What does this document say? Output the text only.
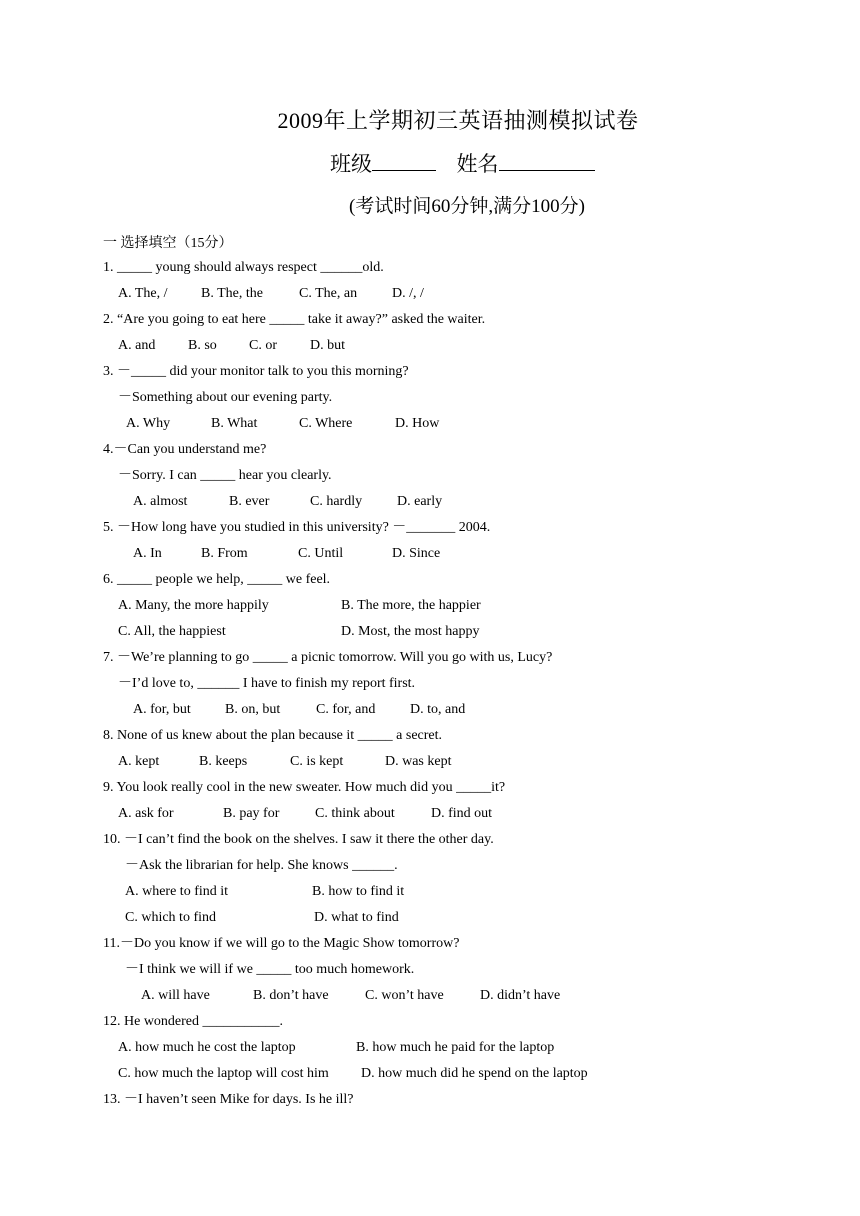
2009年上学期初三英语抽测模拟试卷
班级	姓名
(考试时间60分钟,满分100分)
一 选择填空（15分）
1. _____ young should always respect ______old.
A. The, / B. The, the	C. The, an D. /, /
2. “Are you going to eat here _____ take it away?” asked the waiter.
A. and B. so C. or D. but
3. －_____ did your monitor talk to you this morning?
－Something about our evening party.
A. Why	B. What	C. Where	D. How
4.－Can you understand me?
－Sorry. I can _____ hear you clearly.
A. almost	B. ever	C. hardly D. early
5. －How long have you studied in this university? －_______ 2004.
A. In	B. From	C. Until	D. Since
6. _____ people we help, _____ we feel.
A. Many, the more happily	B. The more, the happier
C. All, the happiest	D. Most, the most happy
7. －We’re planning to go _____ a picnic tomorrow. Will you go with us, Lucy?
－I’d love to, ______ I have to finish my report first.
A. for, but B. on, but	C. for, and D. to, and
8. None of us knew about the plan because it _____ a secret.
A. kept	B. keeps	C. is kept	D. was kept
9. You look really cool in the new sweater. How much did you _____it?
A. ask for	B. pay for	C. think about	D. find out
10. －I can’t find the book on the shelves. I saw it there the other day.
－Ask the librarian for help. She knows ______.
A. where to find it	B. how to find it
C. which to find	D. what to find
11.－Do you know if we will go to the Magic Show tomorrow?
－I think we will if we _____ too much homework.
A. will have	B. don’t have	C. won’t have	D. didn’t have
12. He wondered ___________.
A. how much he cost the laptop	B. how much he paid for the laptop
C. how much the laptop will cost him D. how much did he spend on the laptop
13. －I haven’t seen Mike for days. Is he ill?
